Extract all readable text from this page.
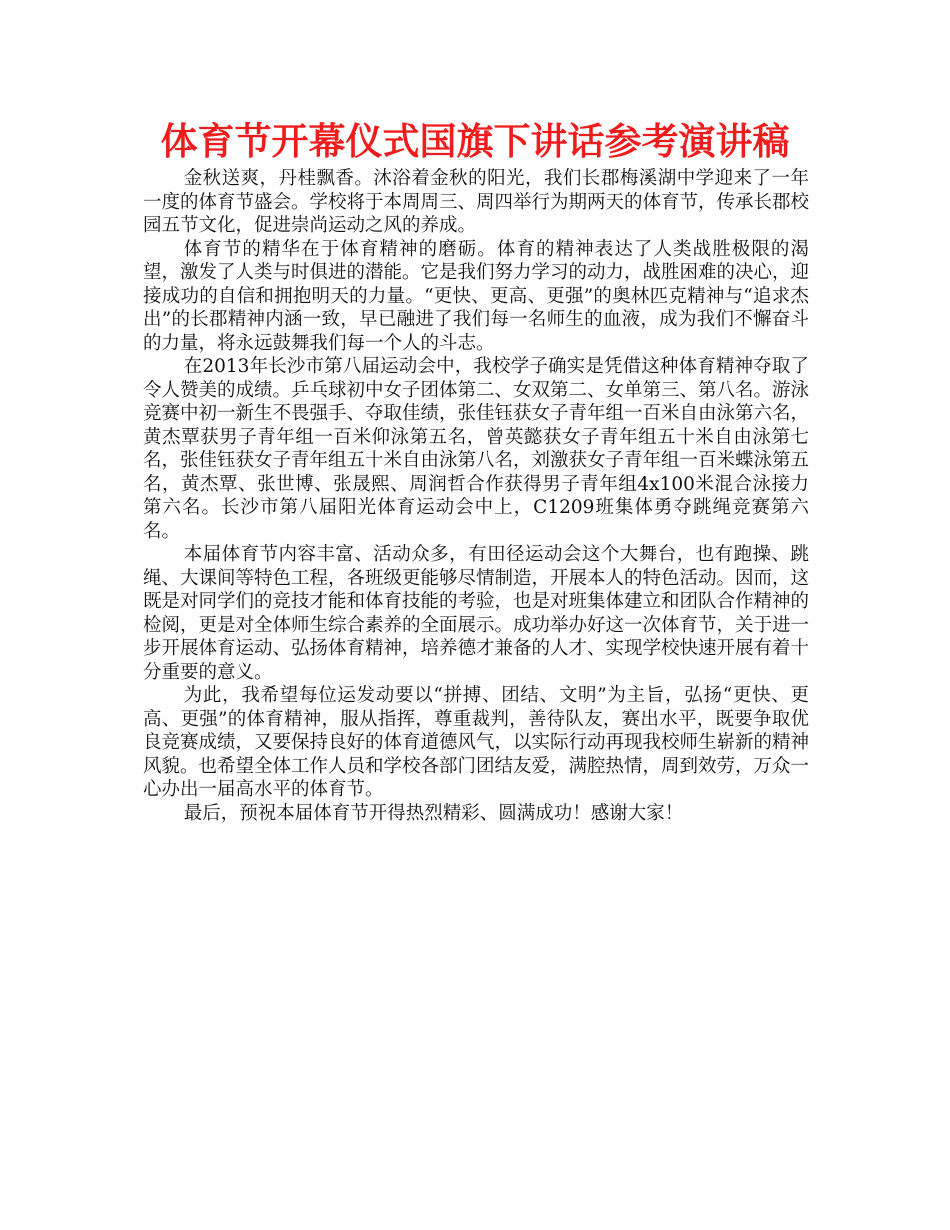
体育节开幕仪式国旗下讲话参考演讲稿

金秋送爽，丹桂飘香。沐浴着金秋的阳光，我们长郡梅溪湖中学迎来了一年一度的体育节盛会。学校将于本周周三、周四举行为期两天的体育节，传承长郡校园五节文化，促进崇尚运动之风的养成。

体育节的精华在于体育精神的磨砺。体育的精神表达了人类战胜极限的渴望，激发了人类与时俱进的潜能。它是我们努力学习的动力，战胜困难的决心，迎接成功的自信和拥抱明天的力量。“更快、更高、更强”的奥林匹克精神与“追求杰出”的长郡精神内涵一致，早已融进了我们每一名师生的血液，成为我们不懈奋斗的力量，将永远鼓舞我们每一个人的斗志。

在2013年长沙市第八届运动会中，我校学子确实是凭借这种体育精神夺取了令人赞美的成绩。乒乓球初中女子团体第二、女双第二、女单第三、第八名。游泳竞赛中初一新生不畏强手、夺取佳绩，张佳钰获女子青年组一百米自由泳第六名，黄杰覃获男子青年组一百米仰泳第五名，曾英懿获女子青年组五十米自由泳第七名，张佳钰获女子青年组五十米自由泳第八名，刘激获女子青年组一百米蝶泳第五名，黄杰覃、张世博、张晟熙、周润哲合作获得男子青年组4x100米混合泳接力第六名。长沙市第八届阳光体育运动会中上，C1209班集体勇夺跳绳竞赛第六名。

本届体育节内容丰富、活动众多，有田径运动会这个大舞台，也有跑操、跳绳、大课间等特色工程，各班级更能够尽情制造，开展本人的特色活动。因而，这既是对同学们的竞技才能和体育技能的考验，也是对班集体建立和团队合作精神的检阅，更是对全体师生综合素养的全面展示。成功举办好这一次体育节，关于进一步开展体育运动、弘扬体育精神，培养德才兼备的人才、实现学校快速开展有着十分重要的意义。

为此，我希望每位运发动要以“拼搏、团结、文明”为主旨，弘扬“更快、更高、更强”的体育精神，服从指挥，尊重裁判，善待队友，赛出水平，既要争取优良竞赛成绩，又要保持良好的体育道德风气，以实际行动再现我校师生崭新的精神风貌。也希望全体工作人员和学校各部门团结友爱，满腔热情，周到效劳，万众一心办出一届高水平的体育节。

最后，预祝本届体育节开得热烈精彩、圆满成功！感谢大家！
